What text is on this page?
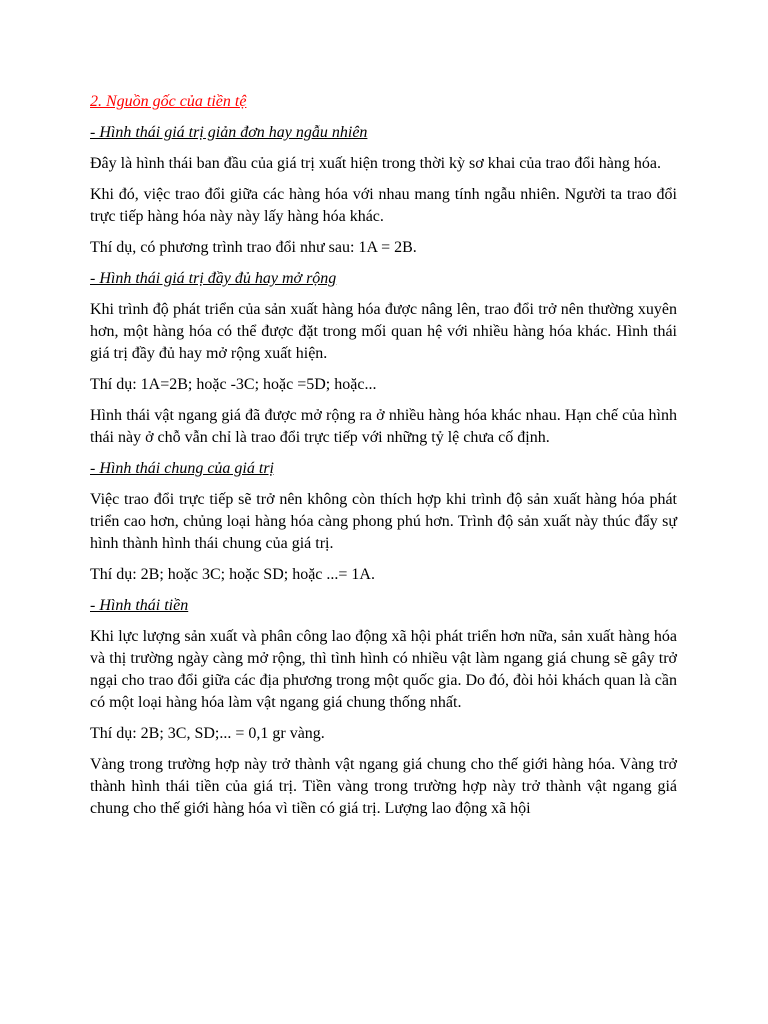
2. Nguồn gốc của tiền tệ

- Hình thái giá trị giản đơn hay ngẫu nhiên

Đây là hình thái ban đầu của giá trị xuất hiện trong thời kỳ sơ khai của trao đổi hàng hóa.

Khi đó, việc trao đổi giữa các hàng hóa với nhau mang tính ngẫu nhiên. Người ta trao đổi trực tiếp hàng hóa này này lấy hàng hóa khác.

Thí dụ, có phương trình trao đổi như sau: 1A = 2B.

- Hình thái giá trị đầy đủ hay mở rộng

Khi trình độ phát triển của sản xuất hàng hóa được nâng lên, trao đổi trở nên thường xuyên hơn, một hàng hóa có thể được đặt trong mối quan hệ với nhiều hàng hóa khác. Hình thái giá trị đầy đủ hay mở rộng xuất hiện.

Thí dụ: 1A=2B; hoặc -3C; hoặc =5D; hoặc...

Hình thái vật ngang giá đã được mở rộng ra ở nhiều hàng hóa khác nhau. Hạn chế của hình thái này ở chỗ vẫn chỉ là trao đổi trực tiếp với những tỷ lệ chưa cố định.

- Hình thái chung của giá trị

Việc trao đổi trực tiếp sẽ trở nên không còn thích hợp khi trình độ sản xuất hàng hóa phát triển cao hơn, chủng loại hàng hóa càng phong phú hơn. Trình độ sản xuất này thúc đẩy sự hình thành hình thái chung của giá trị.

Thí dụ: 2B; hoặc 3C; hoặc SD; hoặc ...= 1A.

- Hình thái tiền

Khi lực lượng sản xuất và phân công lao động xã hội phát triển hơn nữa, sản xuất hàng hóa và thị trường ngày càng mở rộng, thì tình hình có nhiều vật làm ngang giá chung sẽ gây trở ngại cho trao đổi giữa các địa phương trong một quốc gia. Do đó, đòi hỏi khách quan là cần có một loại hàng hóa làm vật ngang giá chung thống nhất.

Thí dụ: 2B; 3C, SD;... = 0,1 gr vàng.

Vàng trong trường hợp này trở thành vật ngang giá chung cho thế giới hàng hóa. Vàng trở thành hình thái tiền của giá trị. Tiền vàng trong trường hợp này trở thành vật ngang giá chung cho thế giới hàng hóa vì tiền có giá trị. Lượng lao động xã hội
